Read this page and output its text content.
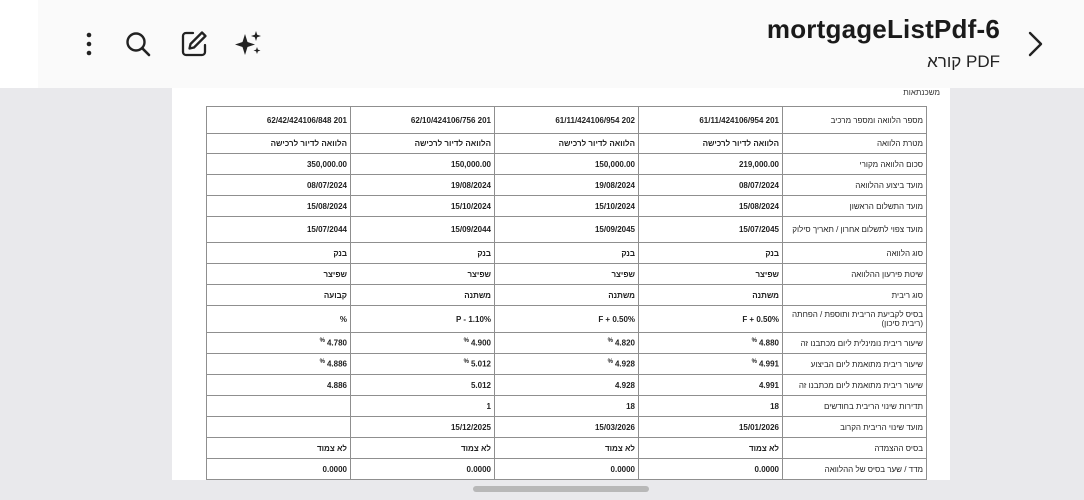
mortgageListPdf-6
קורא PDF
משכנתאות
62/42/424106/848 201	62/10/424106/756 201	61/11/424106/954 202	61/11/424106/954 201	מספר הלוואה ומספר מרכיב
הלוואה לדיור לרכישה	הלוואה לדיור לרכישה	הלוואה לדיור לרכישה	הלוואה לדיור לרכישה	מטרת הלוואה
350,000.00	150,000.00	150,000.00	219,000.00	סכום הלוואה מקורי
08/07/2024	19/08/2024	19/08/2024	08/07/2024	מועד ביצוע ההלוואה
15/08/2024	15/10/2024	15/10/2024	15/08/2024	מועד התשלום הראשון
15/07/2044	15/09/2044	15/09/2045	15/07/2045	מועד צפוי לתשלום אחרון / תאריך סילוק
בנק	בנק	בנק	בנק	סוג הלוואה
שפיצר	שפיצר	שפיצר	שפיצר	שיטת פירעון ההלוואה
קבועה	משתנה	משתנה	משתנה	סוג ריבית
%	P - 1.10%	F + 0.50%	F + 0.50%	בסיס לקביעת הריבית ותוספת / הפחתה (ריבית סיכון)
% 4.780	% 4.900	% 4.820	% 4.880	שיעור ריבית נומינלית ליום מכתבנו זה
% 4.886	% 5.012	% 4.928	% 4.991	שיעור ריבית מתואמת ליום הביצוע
4.886	5.012	4.928	4.991	שיעור ריבית מתואמת ליום מכתבנו זה
	1	18	18	תדירות שינוי הריבית בחודשים
	15/12/2025	15/03/2026	15/01/2026	מועד שינוי הריבית הקרוב
לא צמוד	לא צמוד	לא צמוד	לא צמוד	בסיס ההצמדה
0.0000	0.0000	0.0000	0.0000	מדד / שער בסיס של ההלוואה
